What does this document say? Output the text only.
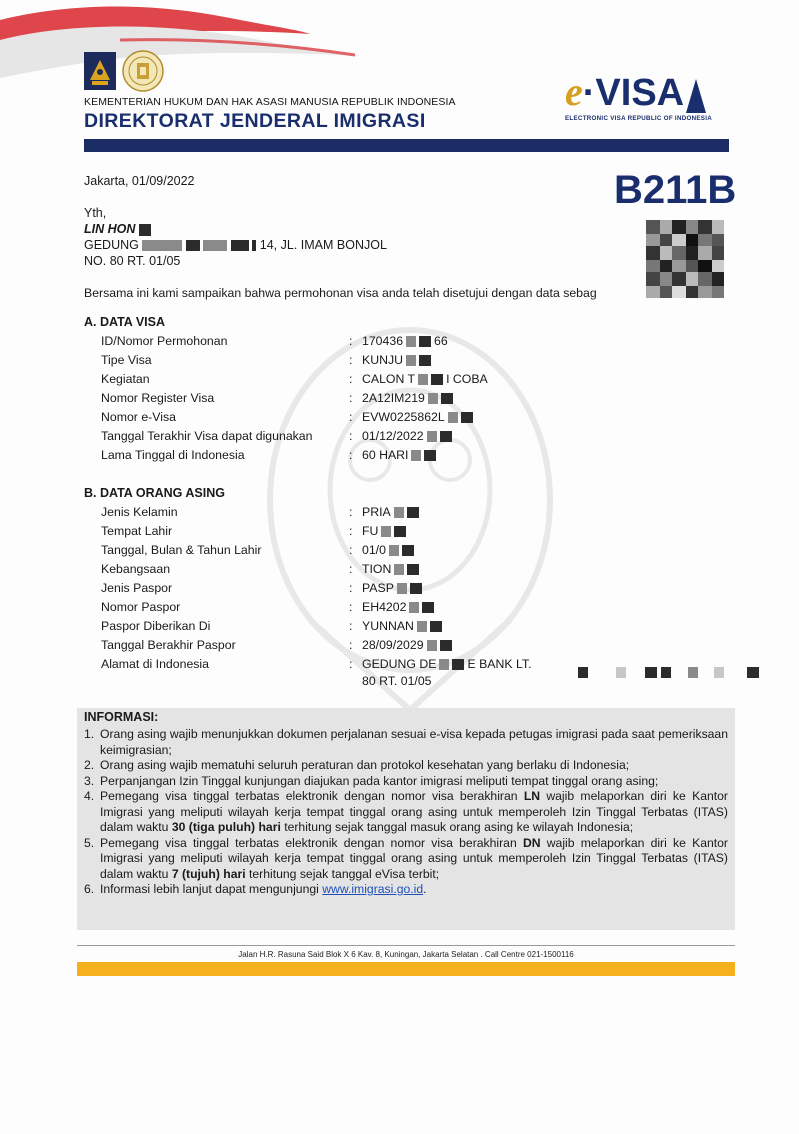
KEMENTERIAN HUKUM DAN HAK ASASI MANUSIA REPUBLIK INDONESIA
DIREKTORAT JENDERAL IMIGRASI
e·VISA
ELECTRONIC VISA REPUBLIC OF INDONESIA
Jakarta, 01/09/2022	B211B
Yth,
LIN HON
GEDUNG	14, JL. IMAM BONJOL
NO. 80 RT. 01/05
Bersama ini kami sampaikan bahwa permohonan visa anda telah disetujui dengan data sebag
A. DATA VISA
ID/Nomor Permohonan	: 170436	66
Tipe Visa	: KUNJU
Kegiatan	: CALON T	I COBA
Nomor Register Visa	: 2A12IM219
Nomor e-Visa	: EVW0225862L
Tanggal Terakhir Visa dapat digunakan	: 01/12/2022
Lama Tinggal di Indonesia	: 60 HARI
B. DATA ORANG ASING
Jenis Kelamin	: PRIA
Tempat Lahir	: FU
Tanggal, Bulan & Tahun Lahir	: 01/0
Kebangsaan	: TION
Jenis Paspor	: PASP
Nomor Paspor	: EH4202
Paspor Diberikan Di	: YUNNAN
Tanggal Berakhir Paspor	: 28/09/2029
Alamat di Indonesia	: GEDUNG DE	E BANK LT.
80 RT. 01/05

INFORMASI:
1. Orang asing wajib menunjukkan dokumen perjalanan sesuai e-visa kepada petugas imigrasi pada saat pemeriksaan keimigrasian;
2. Orang asing wajib mematuhi seluruh peraturan dan protokol kesehatan yang berlaku di Indonesia;
3. Perpanjangan Izin Tinggal kunjungan diajukan pada kantor imigrasi meliputi tempat tinggal orang asing;
4. Pemegang visa tinggal terbatas elektronik dengan nomor visa berakhiran LN wajib melaporkan diri ke Kantor Imigrasi yang meliputi wilayah kerja tempat tinggal orang asing untuk memperoleh Izin Tinggal Terbatas (ITAS) dalam waktu 30 (tiga puluh) hari terhitung sejak tanggal masuk orang asing ke wilayah Indonesia;
5. Pemegang visa tinggal terbatas elektronik dengan nomor visa berakhiran DN wajib melaporkan diri ke Kantor Imigrasi yang meliputi wilayah kerja tempat tinggal orang asing untuk memperoleh Izin Tinggal Terbatas (ITAS) dalam waktu 7 (tujuh) hari terhitung sejak tanggal eVisa terbit;
6. Informasi lebih lanjut dapat mengunjungi www.imigrasi.go.id.
Jalan H.R. Rasuna Said Blok X 6 Kav. 8, Kuningan, Jakarta Selatan . Call Centre 021-1500116
